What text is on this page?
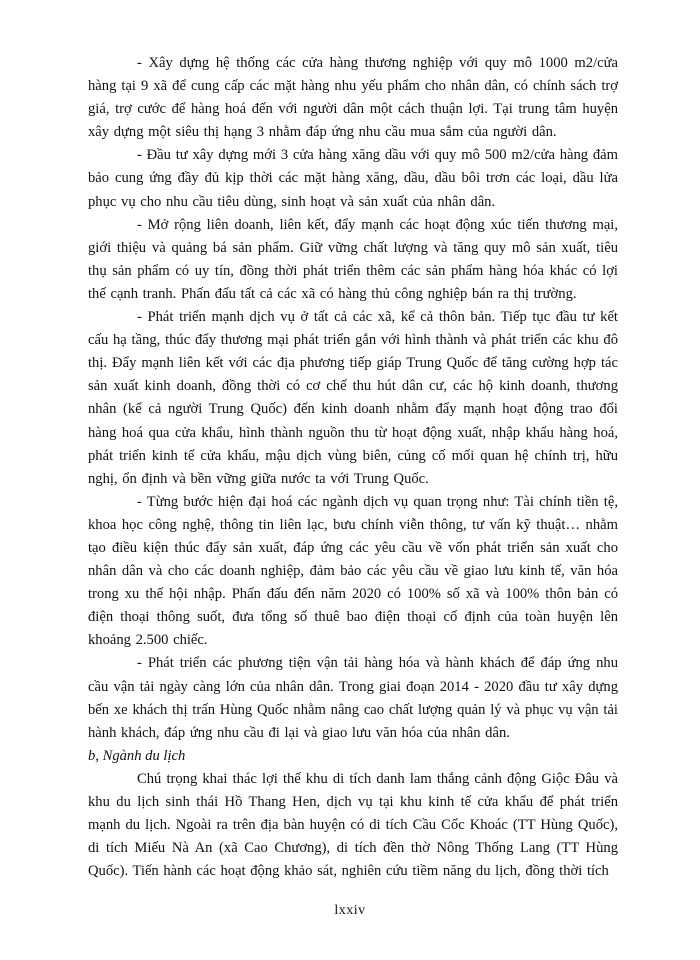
- Xây dựng hệ thống các cửa hàng thương nghiệp với quy mô 1000 m2/cửa hàng tại 9 xã để cung cấp các mặt hàng nhu yếu phẩm cho nhân dân, có chính sách trợ giá, trợ cước để hàng hoá đến với người dân một cách thuận lợi. Tại trung tâm huyện xây dựng một siêu thị hạng 3 nhằm đáp ứng nhu cầu mua sắm của người dân.

- Đầu tư xây dựng mới 3 cửa hàng xăng dầu với quy mô 500 m2/cửa hàng đảm bảo cung ứng đầy đủ kịp thời các mặt hàng xăng, dầu, dầu bôi trơn các loại, dầu lửa phục vụ cho nhu cầu tiêu dùng, sinh hoạt và sản xuất của nhân dân.

- Mở rộng liên doanh, liên kết, đẩy mạnh các hoạt động xúc tiến thương mại, giới thiệu và quảng bá sản phẩm. Giữ vững chất lượng và tăng quy mô sản xuất, tiêu thụ sản phẩm có uy tín, đồng thời phát triển thêm các sản phẩm hàng hóa khác có lợi thế cạnh tranh. Phấn đấu tất cả các xã có hàng thủ công nghiệp bán ra thị trường.

- Phát triển mạnh dịch vụ ở tất cả các xã, kể cả thôn bản. Tiếp tục đầu tư kết cấu hạ tầng, thúc đẩy thương mại phát triển gắn với hình thành và phát triển các khu đô thị. Đẩy mạnh liên kết với các địa phương tiếp giáp Trung Quốc để tăng cường hợp tác sản xuất kinh doanh, đồng thời có cơ chế thu hút dân cư, các hộ kinh doanh, thương nhân (kể cả người Trung Quốc) đến kinh doanh nhằm đẩy mạnh hoạt động trao đổi hàng hoá qua cửa khẩu, hình thành nguồn thu từ hoạt động xuất, nhập khẩu hàng hoá, phát triển kinh tế cửa khẩu, mậu dịch vùng biên, củng cố mối quan hệ chính trị, hữu nghị, ổn định và bền vững giữa nước ta với Trung Quốc.

- Từng bước hiện đại hoá các ngành dịch vụ quan trọng như: Tài chính tiền tệ, khoa học công nghệ, thông tin liên lạc, bưu chính viễn thông, tư vấn kỹ thuật… nhằm tạo điều kiện thúc đẩy sản xuất, đáp ứng các yêu cầu về vốn phát triển sản xuất cho nhân dân và cho các doanh nghiệp, đảm bảo các yêu cầu về giao lưu kinh tế, văn hóa trong xu thế hội nhập. Phấn đấu đến năm 2020 có 100% số xã và 100% thôn bản có điện thoại thông suốt, đưa tổng số thuê bao điện thoại cố định của toàn huyện lên khoảng 2.500 chiếc.

- Phát triển các phương tiện vận tải hàng hóa và hành khách để đáp ứng nhu cầu vận tải ngày càng lớn của nhân dân. Trong giai đoạn 2014 - 2020 đầu tư xây dựng bến xe khách thị trấn Hùng Quốc nhằm nâng cao chất lượng quản lý và phục vụ vận tải hành khách, đáp ứng nhu cầu đi lại và giao lưu văn hóa của nhân dân.

b, Ngành du lịch

Chú trọng khai thác lợi thế khu di tích danh lam thắng cảnh động Giộc Đâu và khu du lịch sinh thái Hồ Thang Hen, dịch vụ tại khu kinh tế cửa khẩu để phát triển mạnh du lịch. Ngoài ra trên địa bàn huyện có di tích Cầu Cốc Khoác (TT Hùng Quốc), di tích Miếu Nà An (xã Cao Chương), di tích đền thờ Nông Thống Lang (TT Hùng Quốc). Tiến hành các hoạt động khảo sát, nghiên cứu tiềm năng du lịch, đồng thời tích

lxxiv
